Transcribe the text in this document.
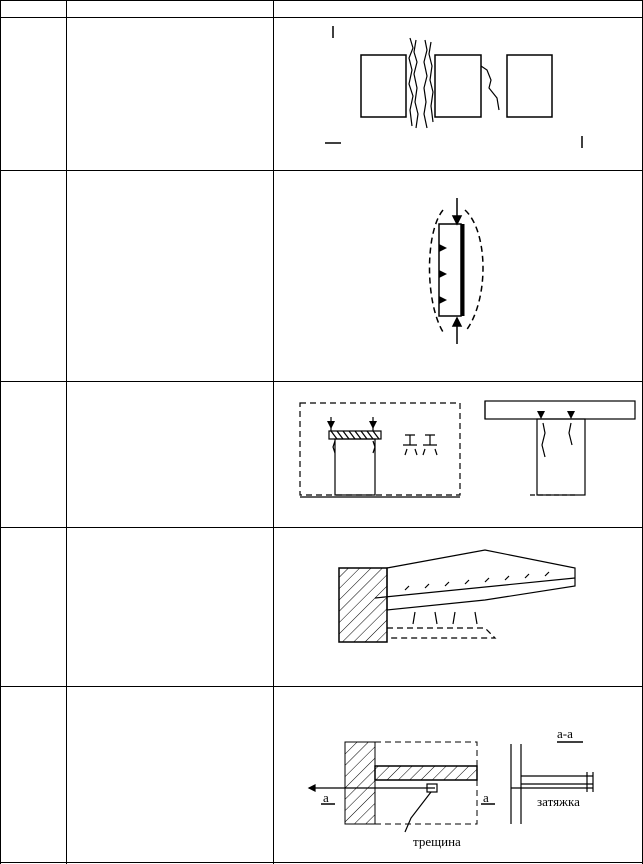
а	а
а-а
затяжка
трещина
